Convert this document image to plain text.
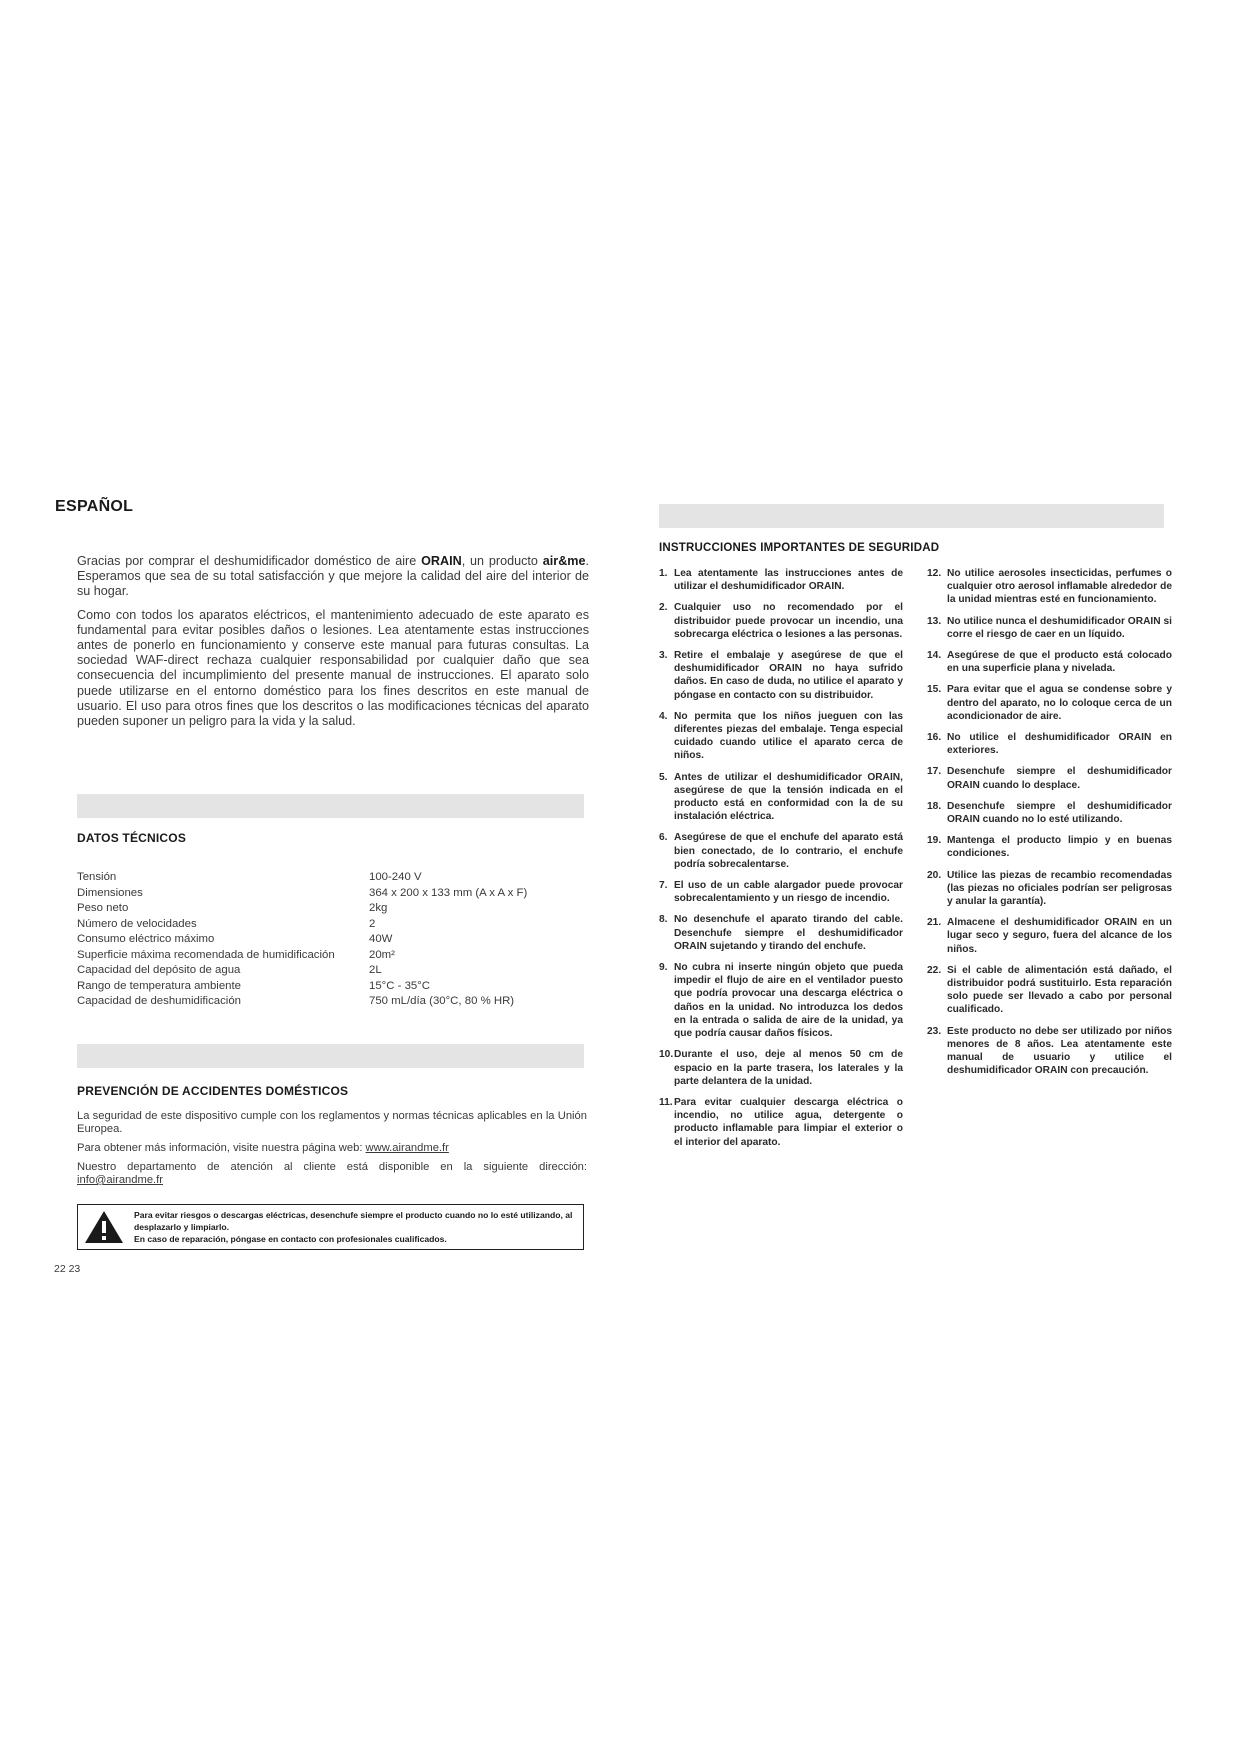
ESPAÑOL

Gracias por comprar el deshumidificador doméstico de aire ORAIN, un producto air&me. Esperamos que sea de su total satisfacción y que mejore la calidad del aire del interior de su hogar.

Como con todos los aparatos eléctricos, el mantenimiento adecuado de este aparato es fundamental para evitar posibles daños o lesiones. Lea atentamente estas instrucciones antes de ponerlo en funcionamiento y conserve este manual para futuras consultas. La sociedad WAF-direct rechaza cualquier responsabilidad por cualquier daño que sea consecuencia del incumplimiento del presente manual de instrucciones. El aparato solo puede utilizarse en el entorno doméstico para los fines descritos en este manual de usuario. El uso para otros fines que los descritos o las modificaciones técnicas del aparato pueden suponer un peligro para la vida y la salud.

DATOS TÉCNICOS
Tensión	100-240 V
Dimensiones	364 x 200 x 133 mm (A x A x F)
Peso neto	2kg
Número de velocidades	2
Consumo eléctrico máximo	40W
Superficie máxima recomendada de humidificación	20m²
Capacidad del depósito de agua	2L
Rango de temperatura ambiente	15°C - 35°C
Capacidad de deshumidificación	750 mL/día (30°C, 80 % HR)
PREVENCIÓN DE ACCIDENTES DOMÉSTICOS

La seguridad de este dispositivo cumple con los reglamentos y normas técnicas aplicables en la Unión Europea.

Para obtener más información, visite nuestra página web: www.airandme.fr

Nuestro departamento de atención al cliente está disponible en la siguiente dirección: info@airandme.fr

Para evitar riesgos o descargas eléctricas, desenchufe siempre el producto cuando no lo esté utilizando, al desplazarlo y limpiarlo.
En caso de reparación, póngase en contacto con profesionales cualificados.
22 23
INSTRUCCIONES IMPORTANTES DE SEGURIDAD
1. Lea atentamente las instrucciones antes de utilizar el deshumidificador ORAIN.
2. Cualquier uso no recomendado por el distribuidor puede provocar un incendio, una sobrecarga eléctrica o lesiones a las personas.
3. Retire el embalaje y asegúrese de que el deshumidificador ORAIN no haya sufrido daños. En caso de duda, no utilice el aparato y póngase en contacto con su distribuidor.
4. No permita que los niños jueguen con las diferentes piezas del embalaje. Tenga especial cuidado cuando utilice el aparato cerca de niños.
5. Antes de utilizar el deshumidificador ORAIN, asegúrese de que la tensión indicada en el producto está en conformidad con la de su instalación eléctrica.
6. Asegúrese de que el enchufe del aparato está bien conectado, de lo contrario, el enchufe podría sobrecalentarse.
7. El uso de un cable alargador puede provocar sobrecalentamiento y un riesgo de incendio.
8. No desenchufe el aparato tirando del cable. Desenchufe siempre el deshumidificador ORAIN sujetando y tirando del enchufe.
9. No cubra ni inserte ningún objeto que pueda impedir el flujo de aire en el ventilador puesto que podría provocar una descarga eléctrica o daños en la unidad. No introduzca los dedos en la entrada o salida de aire de la unidad, ya que podría causar daños físicos.
10. Durante el uso, deje al menos 50 cm de espacio en la parte trasera, los laterales y la parte delantera de la unidad.
11. Para evitar cualquier descarga eléctrica o incendio, no utilice agua, detergente o producto inflamable para limpiar el exterior o el interior del aparato.
12. No utilice aerosoles insecticidas, perfumes o cualquier otro aerosol inflamable alrededor de la unidad mientras esté en funcionamiento.
13. No utilice nunca el deshumidificador ORAIN si corre el riesgo de caer en un líquido.
14. Asegúrese de que el producto está colocado en una superficie plana y nivelada.
15. Para evitar que el agua se condense sobre y dentro del aparato, no lo coloque cerca de un acondicionador de aire.
16. No utilice el deshumidificador ORAIN en exteriores.
17. Desenchufe siempre el deshumidificador ORAIN cuando lo desplace.
18. Desenchufe siempre el deshumidificador ORAIN cuando no lo esté utilizando.
19. Mantenga el producto limpio y en buenas condiciones.
20. Utilice las piezas de recambio recomendadas (las piezas no oficiales podrían ser peligrosas y anular la garantía).
21. Almacene el deshumidificador ORAIN en un lugar seco y seguro, fuera del alcance de los niños.
22. Si el cable de alimentación está dañado, el distribuidor podrá sustituirlo. Esta reparación solo puede ser llevado a cabo por personal cualificado.
23. Este producto no debe ser utilizado por niños menores de 8 años. Lea atentamente este manual de usuario y utilice el deshumidificador ORAIN con precaución.
